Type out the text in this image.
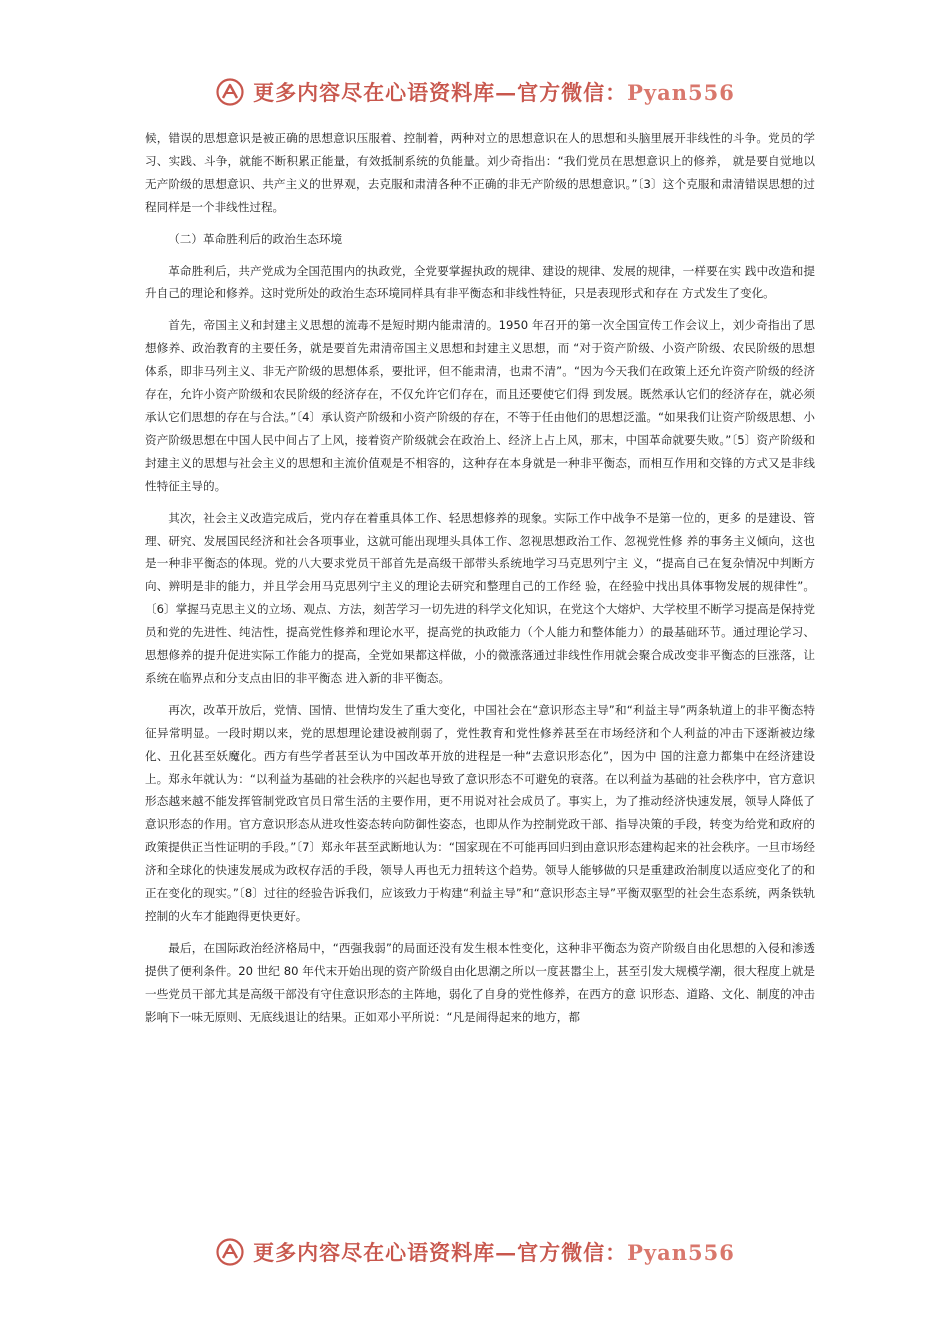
更多内容尽在心语资料库—官方微信：Pyan556

候，错误的思想意识是被正确的思想意识压服着、控制着，两种对立的思想意识在人的思想和头脑里展开非线性的斗争。党员的学习、实践、斗争，就能不断积累正能量，有效抵制系统的负能量。刘少奇指出：“我们党员在思想意识上的修养， 就是要自觉地以无产阶级的思想意识、共产主义的世界观，去克服和肃清各种不正确的非无产阶级的思想意识。”〔3〕这个克服和肃清错误思想的过程同样是一个非线性过程。

（二）革命胜利后的政治生态环境

革命胜利后，共产党成为全国范围内的执政党，全党要掌握执政的规律、建设的规律、发展的规律，一样要在实 践中改造和提升自己的理论和修养。这时党所处的政治生态环境同样具有非平衡态和非线性特征，只是表现形式和存在 方式发生了变化。

首先，帝国主义和封建主义思想的流毒不是短时期内能肃清的。1950 年召开的第一次全国宣传工作会议上，刘少奇指出了思想修养、政治教育的主要任务，就是要首先肃清帝国主义思想和封建主义思想，而 “对于资产阶级、小资产阶级、农民阶级的思想体系，即非马列主义、非无产阶级的思想体系，要批评，但不能肃清，也肃不清”。“因为今天我们在政策上还允许资产阶级的经济存在，允许小资产阶级和农民阶级的经济存在，不仅允许它们存在，而且还要使它们得 到发展。既然承认它们的经济存在，就必须承认它们思想的存在与合法。”〔4〕承认资产阶级和小资产阶级的存在，不等于任由他们的思想泛滥。“如果我们让资产阶级思想、小资产阶级思想在中国人民中间占了上风，接着资产阶级就会在政治上、经济上占上风，那末，中国革命就要失败。”〔5〕资产阶级和封建主义的思想与社会主义的思想和主流价值观是不相容的，这种存在本身就是一种非平衡态，而相互作用和交锋的方式又是非线性特征主导的。

其次，社会主义改造完成后，党内存在着重具体工作、轻思想修养的现象。实际工作中战争不是第一位的，更多 的是建设、管理、研究、发展国民经济和社会各项事业，这就可能出现埋头具体工作、忽视思想政治工作、忽视党性修 养的事务主义倾向，这也是一种非平衡态的体现。党的八大要求党员干部首先是高级干部带头系统地学习马克思列宁主 义，“提高自己在复杂情况中判断方向、辨明是非的能力，并且学会用马克思列宁主义的理论去研究和整理自己的工作经 验，在经验中找出具体事物发展的规律性”。〔6〕掌握马克思主义的立场、观点、方法，刻苦学习一切先进的科学文化知识，在党这个大熔炉、大学校里不断学习提高是保持党员和党的先进性、纯洁性，提高党性修养和理论水平，提高党的执政能力（个人能力和整体能力）的最基础环节。通过理论学习、思想修养的提升促进实际工作能力的提高，全党如果都这样做，小的微涨落通过非线性作用就会聚合成改变非平衡态的巨涨落，让系统在临界点和分支点由旧的非平衡态 进入新的非平衡态。

再次，改革开放后，党情、国情、世情均发生了重大变化，中国社会在“意识形态主导”和“利益主导”两条轨道上的非平衡态特征异常明显。一段时期以来，党的思想理论建设被削弱了，党性教育和党性修养甚至在市场经济和个人利益的冲击下逐渐被边缘化、丑化甚至妖魔化。西方有些学者甚至认为中国改革开放的进程是一种“去意识形态化”，因为中 国的注意力都集中在经济建设上。郑永年就认为：“以利益为基础的社会秩序的兴起也导致了意识形态不可避免的衰落。在以利益为基础的社会秩序中，官方意识形态越来越不能发挥管制党政官员日常生活的主要作用，更不用说对社会成员了。事实上，为了推动经济快速发展，领导人降低了意识形态的作用。官方意识形态从进攻性姿态转向防御性姿态，也即从作为控制党政干部、指导决策的手段，转变为给党和政府的政策提供正当性证明的手段。”〔7〕郑永年甚至武断地认为：“国家现在不可能再回归到由意识形态建构起来的社会秩序。一旦市场经济和全球化的快速发展成为政权存活的手段，领导人再也无力扭转这个趋势。领导人能够做的只是重建政治制度以适应变化了的和正在变化的现实。”〔8〕过往的经验告诉我们，应该致力于构建“利益主导”和“意识形态主导”平衡双驱型的社会生态系统，两条铁轨控制的火车才能跑得更快更好。

最后，在国际政治经济格局中，“西强我弱”的局面还没有发生根本性变化，这种非平衡态为资产阶级自由化思想的入侵和渗透提供了便利条件。20 世纪 80 年代末开始出现的资产阶级自由化思潮之所以一度甚嚣尘上，甚至引发大规模学潮，很大程度上就是一些党员干部尤其是高级干部没有守住意识形态的主阵地，弱化了自身的党性修养，在西方的意 识形态、道路、文化、制度的冲击影响下一味无原则、无底线退让的结果。正如邓小平所说：“凡是闹得起来的地方，都

更多内容尽在心语资料库—官方微信：Pyan556
